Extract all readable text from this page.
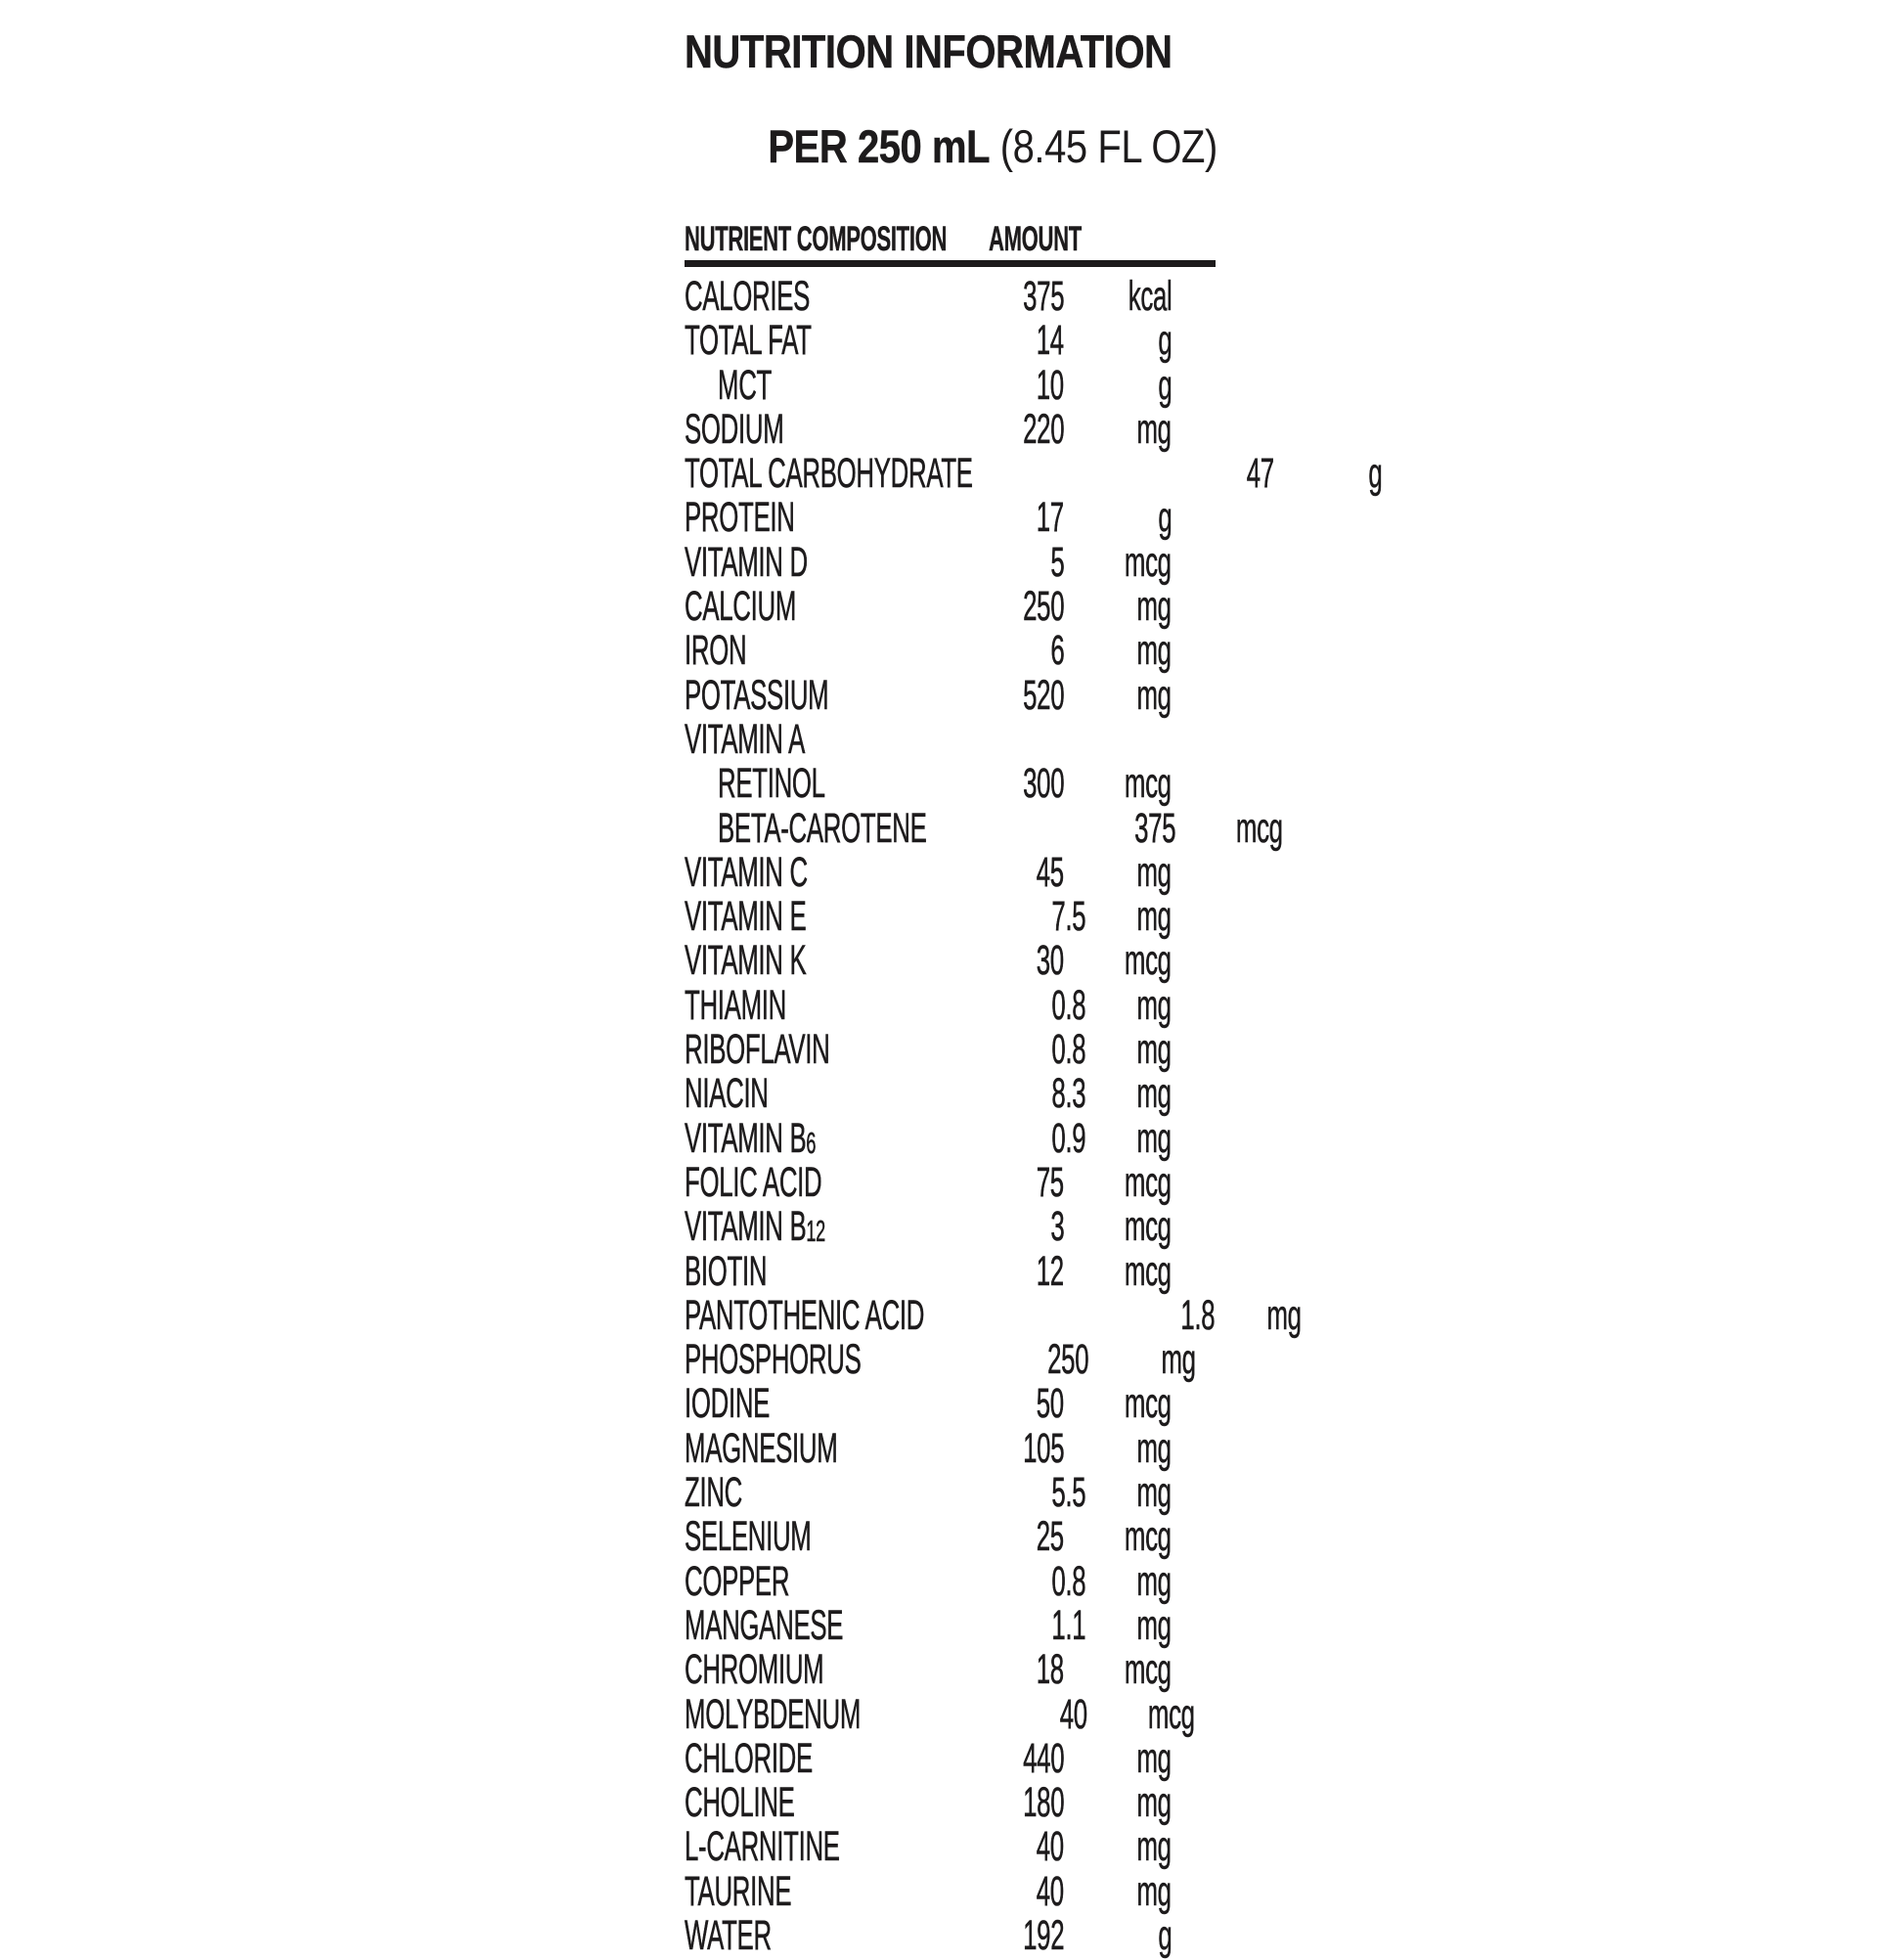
NUTRITION INFORMATION

PER 250 mL (8.45 FL OZ)

NUTRIENT COMPOSITION AMOUNT
CALORIES	375	kcal
TOTAL FAT	14	g
MCT	10	g
SODIUM	220	mg
TOTAL CARBOHYDRATE	47	g
PROTEIN	17	g
VITAMIN D	5	mcg
CALCIUM	250	mg
IRON	6	mg
POTASSIUM	520	mg
VITAMIN A
RETINOL	300	mcg
BETA-CAROTENE	375	mcg
VITAMIN C	45	mg
VITAMIN E	7.5	mg
VITAMIN K	30	mcg
THIAMIN	0.8	mg
RIBOFLAVIN	0.8	mg
NIACIN	8.3	mg
VITAMIN B6	0.9	mg
FOLIC ACID	75	mcg
VITAMIN B12	3	mcg
BIOTIN	12	mcg
PANTOTHENIC ACID	1.8	mg
PHOSPHORUS	250	mg
IODINE	50	mcg
MAGNESIUM	105	mg
ZINC	5.5	mg
SELENIUM	25	mcg
COPPER	0.8	mg
MANGANESE	1.1	mg
CHROMIUM	18	mcg
MOLYBDENUM	40	mcg
CHLORIDE	440	mg
CHOLINE	180	mg
L-CARNITINE	40	mg
TAURINE	40	mg
WATER	192	g
